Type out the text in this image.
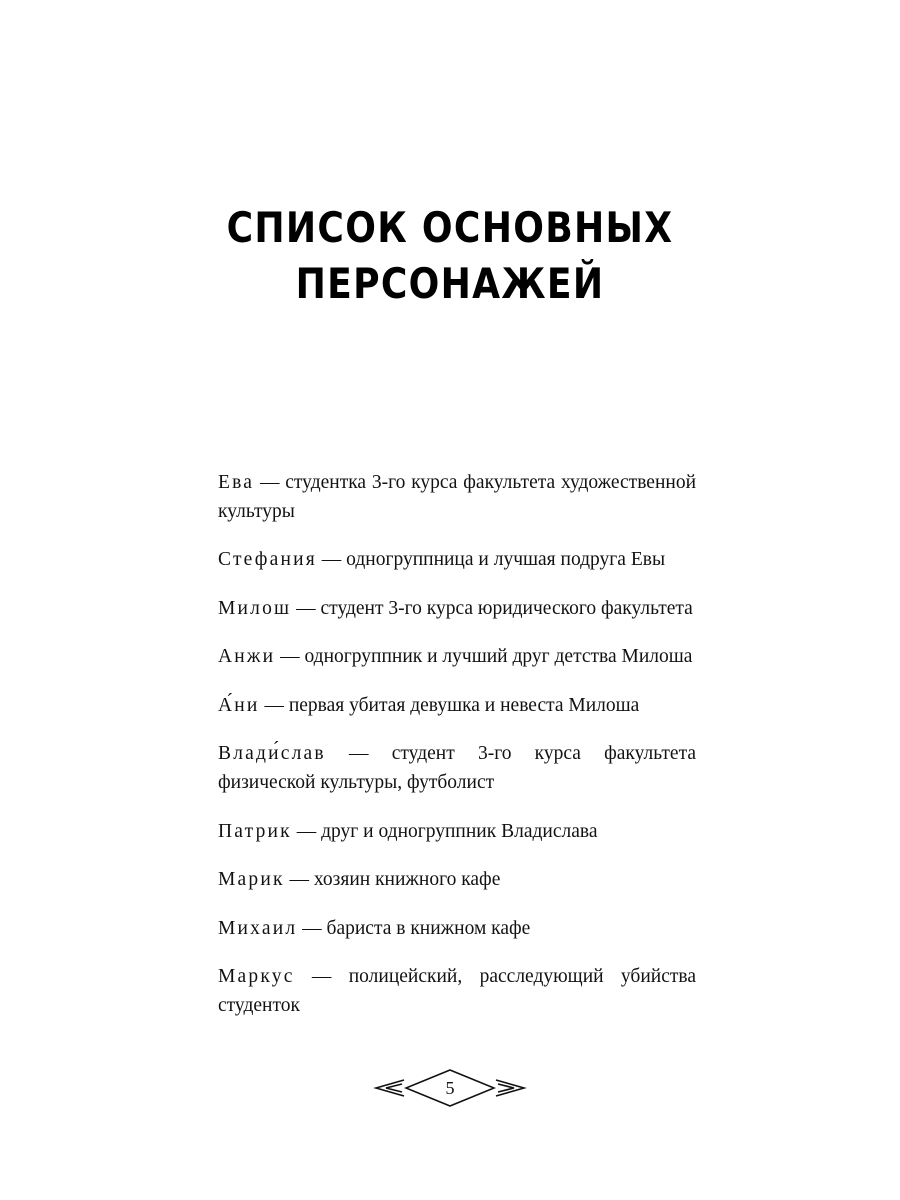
СПИСОК ОСНОВНЫХ
ПЕРСОНАЖЕЙ

Ева — студентка 3-го курса факультета художественной культуры

Стефания — одногруппница и лучшая подруга Евы

Милош — студент 3-го курса юридического факультета

Анжи — одногруппник и лучший друг детства Милоша

А́ни — первая убитая девушка и невеста Милоша

Влади́слав — студент 3-го курса факультета физической культуры, футболист

Патрик — друг и одногруппник Владислава

Марик — хозяин книжного кафе

Михаил — бариста в книжном кафе

Маркус — полицейский, расследующий убийства студенток

5
